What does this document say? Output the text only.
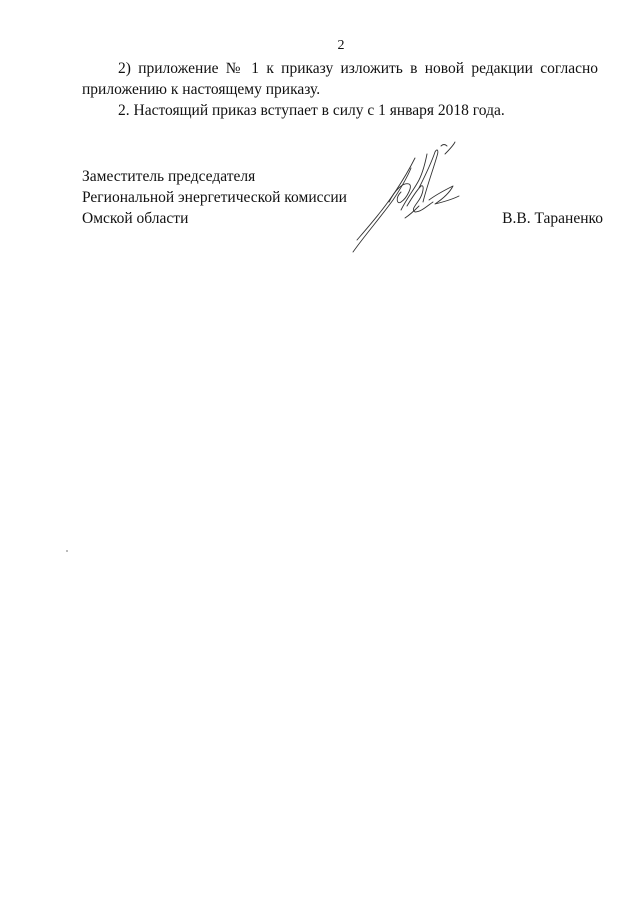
2
2) приложение № 1 к приказу изложить в новой редакции согласно
приложению к настоящему приказу.

2. Настоящий приказ вступает в силу с 1 января 2018 года.

Заместитель председателя
Региональной энергетической комиссии
Омской области	В.В. Тараненко
